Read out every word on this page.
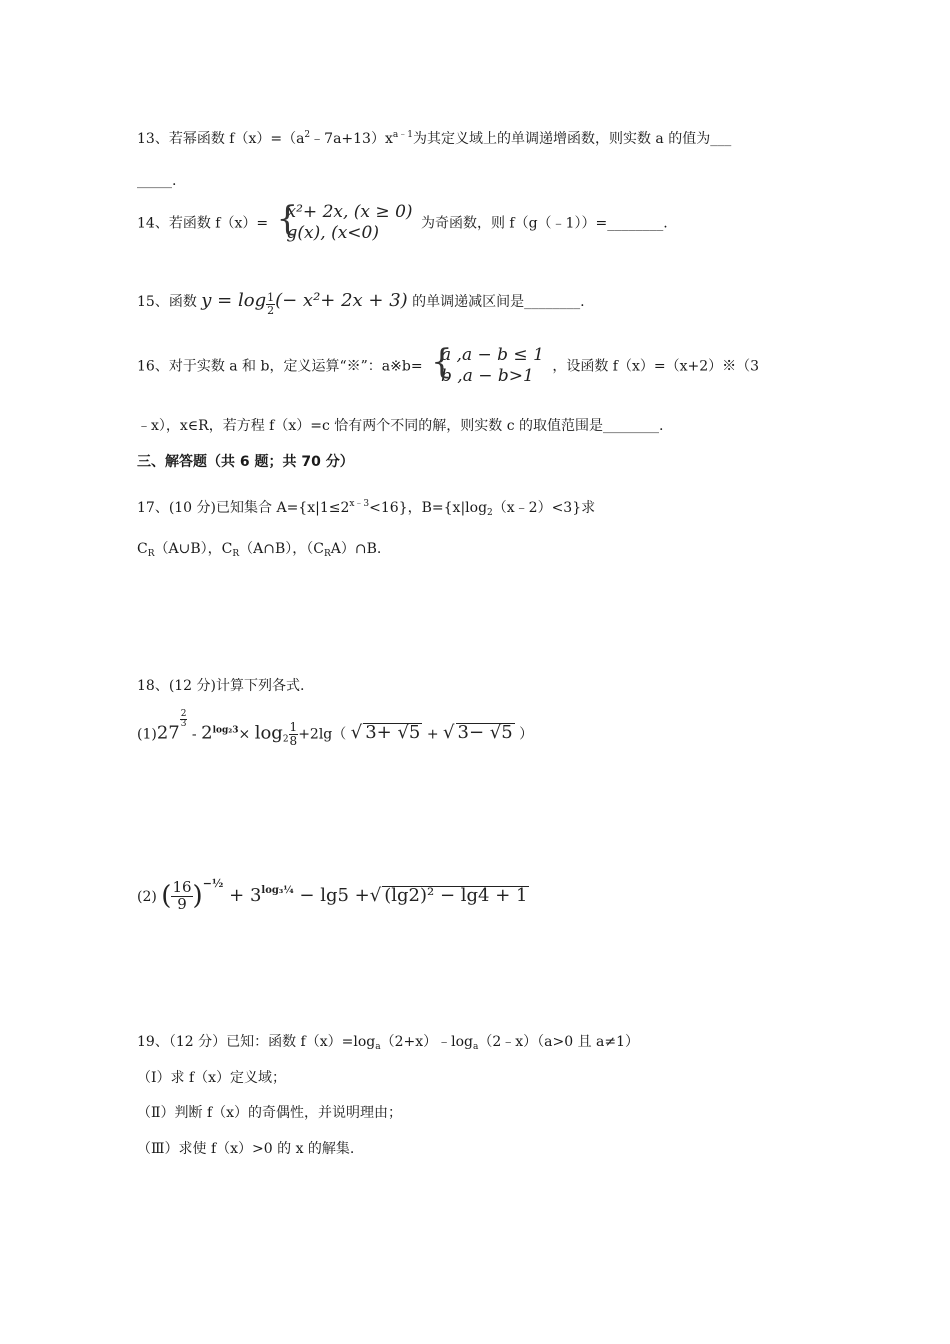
13、若幂函数 $f(x)=(a^2﹣7a+13)x^{a﹣1}$为其定义域上的单调递增函数，则实数 a 的值为___
_____.
14、若函数 f（x）= {
x²+ 2x, (x ≥ 0)
g(x), (x<0)	为奇函数，则 f（g（﹣1））=________.
15、函数 $y = \log \frac{1}{2}$ (− x²+ 2x + 3) 的单调递减区间是________.
16、对于实数 a 和 b，定义运算“※”：a※b= {
a ,a − b ≤ 1
b ,a − b>1	，设函数 f（x）=（x+2）※（3
﹣x），x∈R，若方程 f（x）=c 恰有两个不同的解，则实数 c 的取值范围是________.
三、解答题（共 6 题；共 70 分）
17、(10 分)已知集合 $A=\{x|1\le 2^{x﹣3}<16\}$，$B=\{x|\log_2(x﹣2)<3\}$求
$C_R(A\cup B)$，$C_R(A\cap B)$，$(C_RA)\cap B$.
18、(12 分)计算下列各式.
(1)27
$\frac{2}{3}$
- $2^{log_23}\times \log_2 \frac{1}{8} +2\lg$（ √ 3+ √5 + √ 3− √5 ）
(2) ( $\frac{16}{9} )^{-\frac{1}{2}} + 3^{log_3\frac{1}{4}} - \lg 5$ +√ (lg2)² − lg4 + 1
19、（12 分）已知：函数 $f(x)=\log_a(2+x)﹣\log_a(2﹣x)(a>0$ 且 a≠1）
（Ⅰ）求 f（x）定义域；
（Ⅱ）判断 f（x）的奇偶性，并说明理由；
（Ⅲ）求使 f（x）>0 的 x 的解集.
